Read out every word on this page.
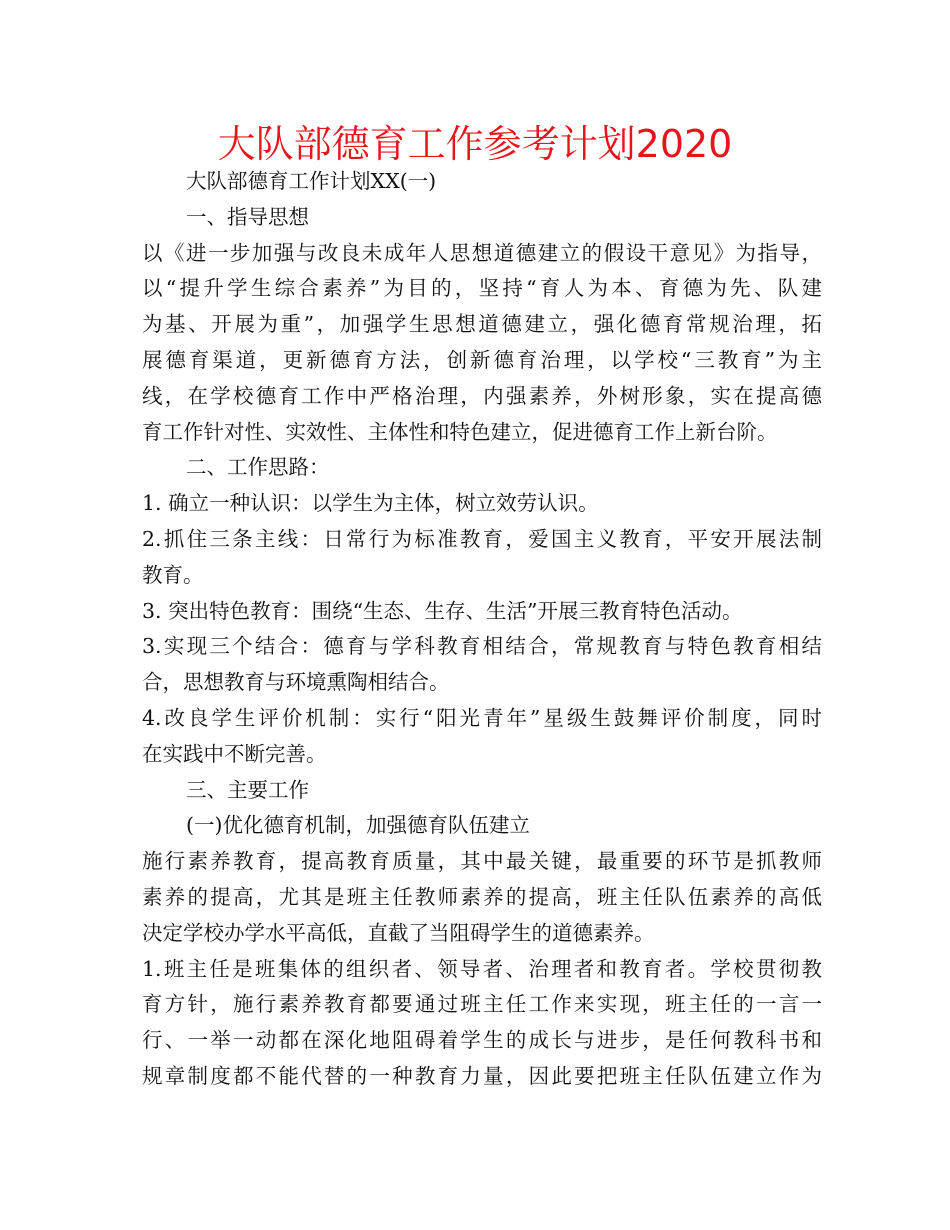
大队部德育工作参考计划2020
大队部德育工作计划XX(一)
一、指导思想
以《进一步加强与改良未成年人思想道德建立的假设干意见》为指导，
以“提升学生综合素养”为目的，坚持“育人为本、育德为先、队建
为基、开展为重”，加强学生思想道德建立，强化德育常规治理，拓
展德育渠道，更新德育方法，创新德育治理，以学校“三教育”为主
线，在学校德育工作中严格治理，内强素养，外树形象，实在提高德
育工作针对性、实效性、主体性和特色建立，促进德育工作上新台阶。
二、工作思路：
1. 确立一种认识：以学生为主体，树立效劳认识。
2.抓住三条主线：日常行为标准教育，爱国主义教育，平安开展法制
教育。
3. 突出特色教育：围绕“生态、生存、生活”开展三教育特色活动。
3.实现三个结合：德育与学科教育相结合，常规教育与特色教育相结
合，思想教育与环境熏陶相结合。
4.改良学生评价机制：实行“阳光青年”星级生鼓舞评价制度，同时
在实践中不断完善。
三、主要工作
(一)优化德育机制，加强德育队伍建立
施行素养教育，提高教育质量，其中最关键，最重要的环节是抓教师
素养的提高，尤其是班主任教师素养的提高，班主任队伍素养的高低
决定学校办学水平高低，直截了当阻碍学生的道德素养。
1.班主任是班集体的组织者、领导者、治理者和教育者。学校贯彻教
育方针，施行素养教育都要通过班主任工作来实现，班主任的一言一
行、一举一动都在深化地阻碍着学生的成长与进步，是任何教科书和
规章制度都不能代替的一种教育力量，因此要把班主任队伍建立作为
